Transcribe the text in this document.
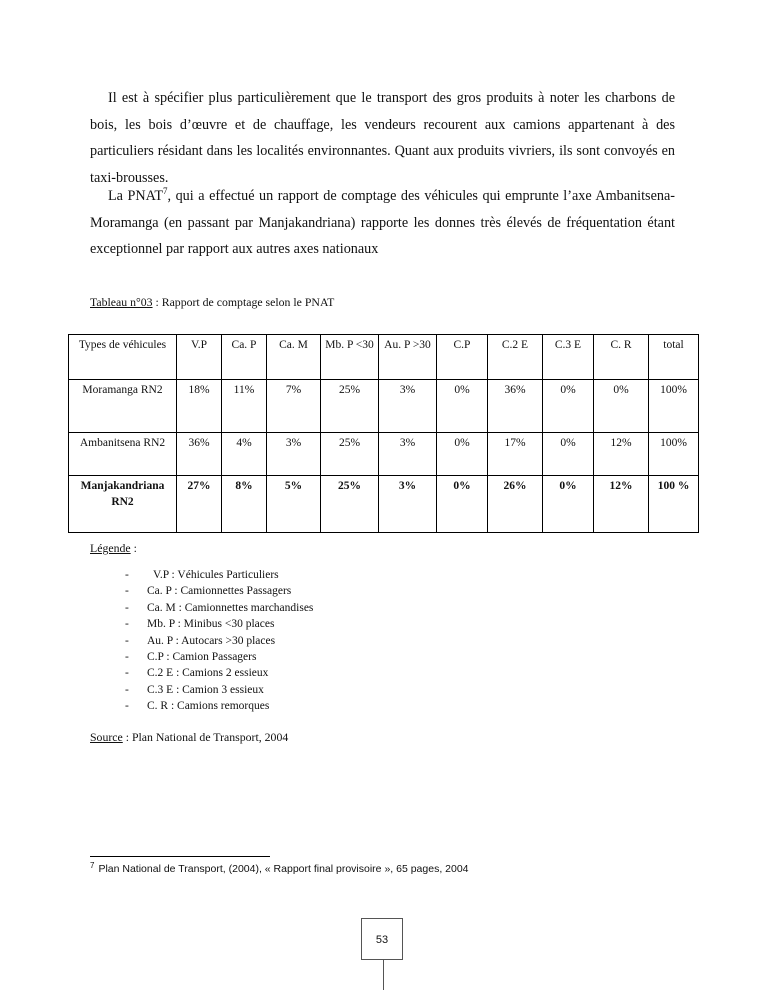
Il est à spécifier plus particulièrement que le transport des gros produits à noter les charbons de bois, les bois d’œuvre et de chauffage, les vendeurs recourent aux camions appartenant à des particuliers résidant dans les localités environnantes. Quant aux produits vivriers, ils sont convoyés en taxi-brousses.

La PNAT$^7$, qui a effectué un rapport de comptage des véhicules qui emprunte l’axe Ambanitsena-Moramanga (en passant par Manjakandriana) rapporte les donnes très élevés de fréquentation étant exceptionnel par rapport aux autres axes nationaux

Tableau n°03 : Rapport de comptage selon le PNAT
Types de véhicules	V.P	Ca. P	Ca. M	Mb. P <30	Au. P >30	C.P	C.2 E	C.3 E	C. R	total
Moramanga RN2	18%	11%	7%	25%	3%	0%	36%	0%	0%	100%
Ambanitsena RN2	36%	4%	3%	25%	3%	0%	17%	0%	12%	100%
Manjakandriana RN2	27%	8%	5%	25%	3%	0%	26%	0%	12%	100 %
Légende :
- V.P : Véhicules Particuliers
- Ca. P : Camionnettes Passagers
- Ca. M : Camionnettes marchandises
- Mb. P : Minibus <30 places
- Au. P : Autocars >30 places
- C.P : Camion Passagers
- C.2 E : Camions 2 essieux
- C.3 E : Camion 3 essieux
- C. R : Camions remorques
Source : Plan National de Transport, 2004
$^7$ Plan National de Transport, (2004), « Rapport final provisoire », 65 pages, 2004
53
